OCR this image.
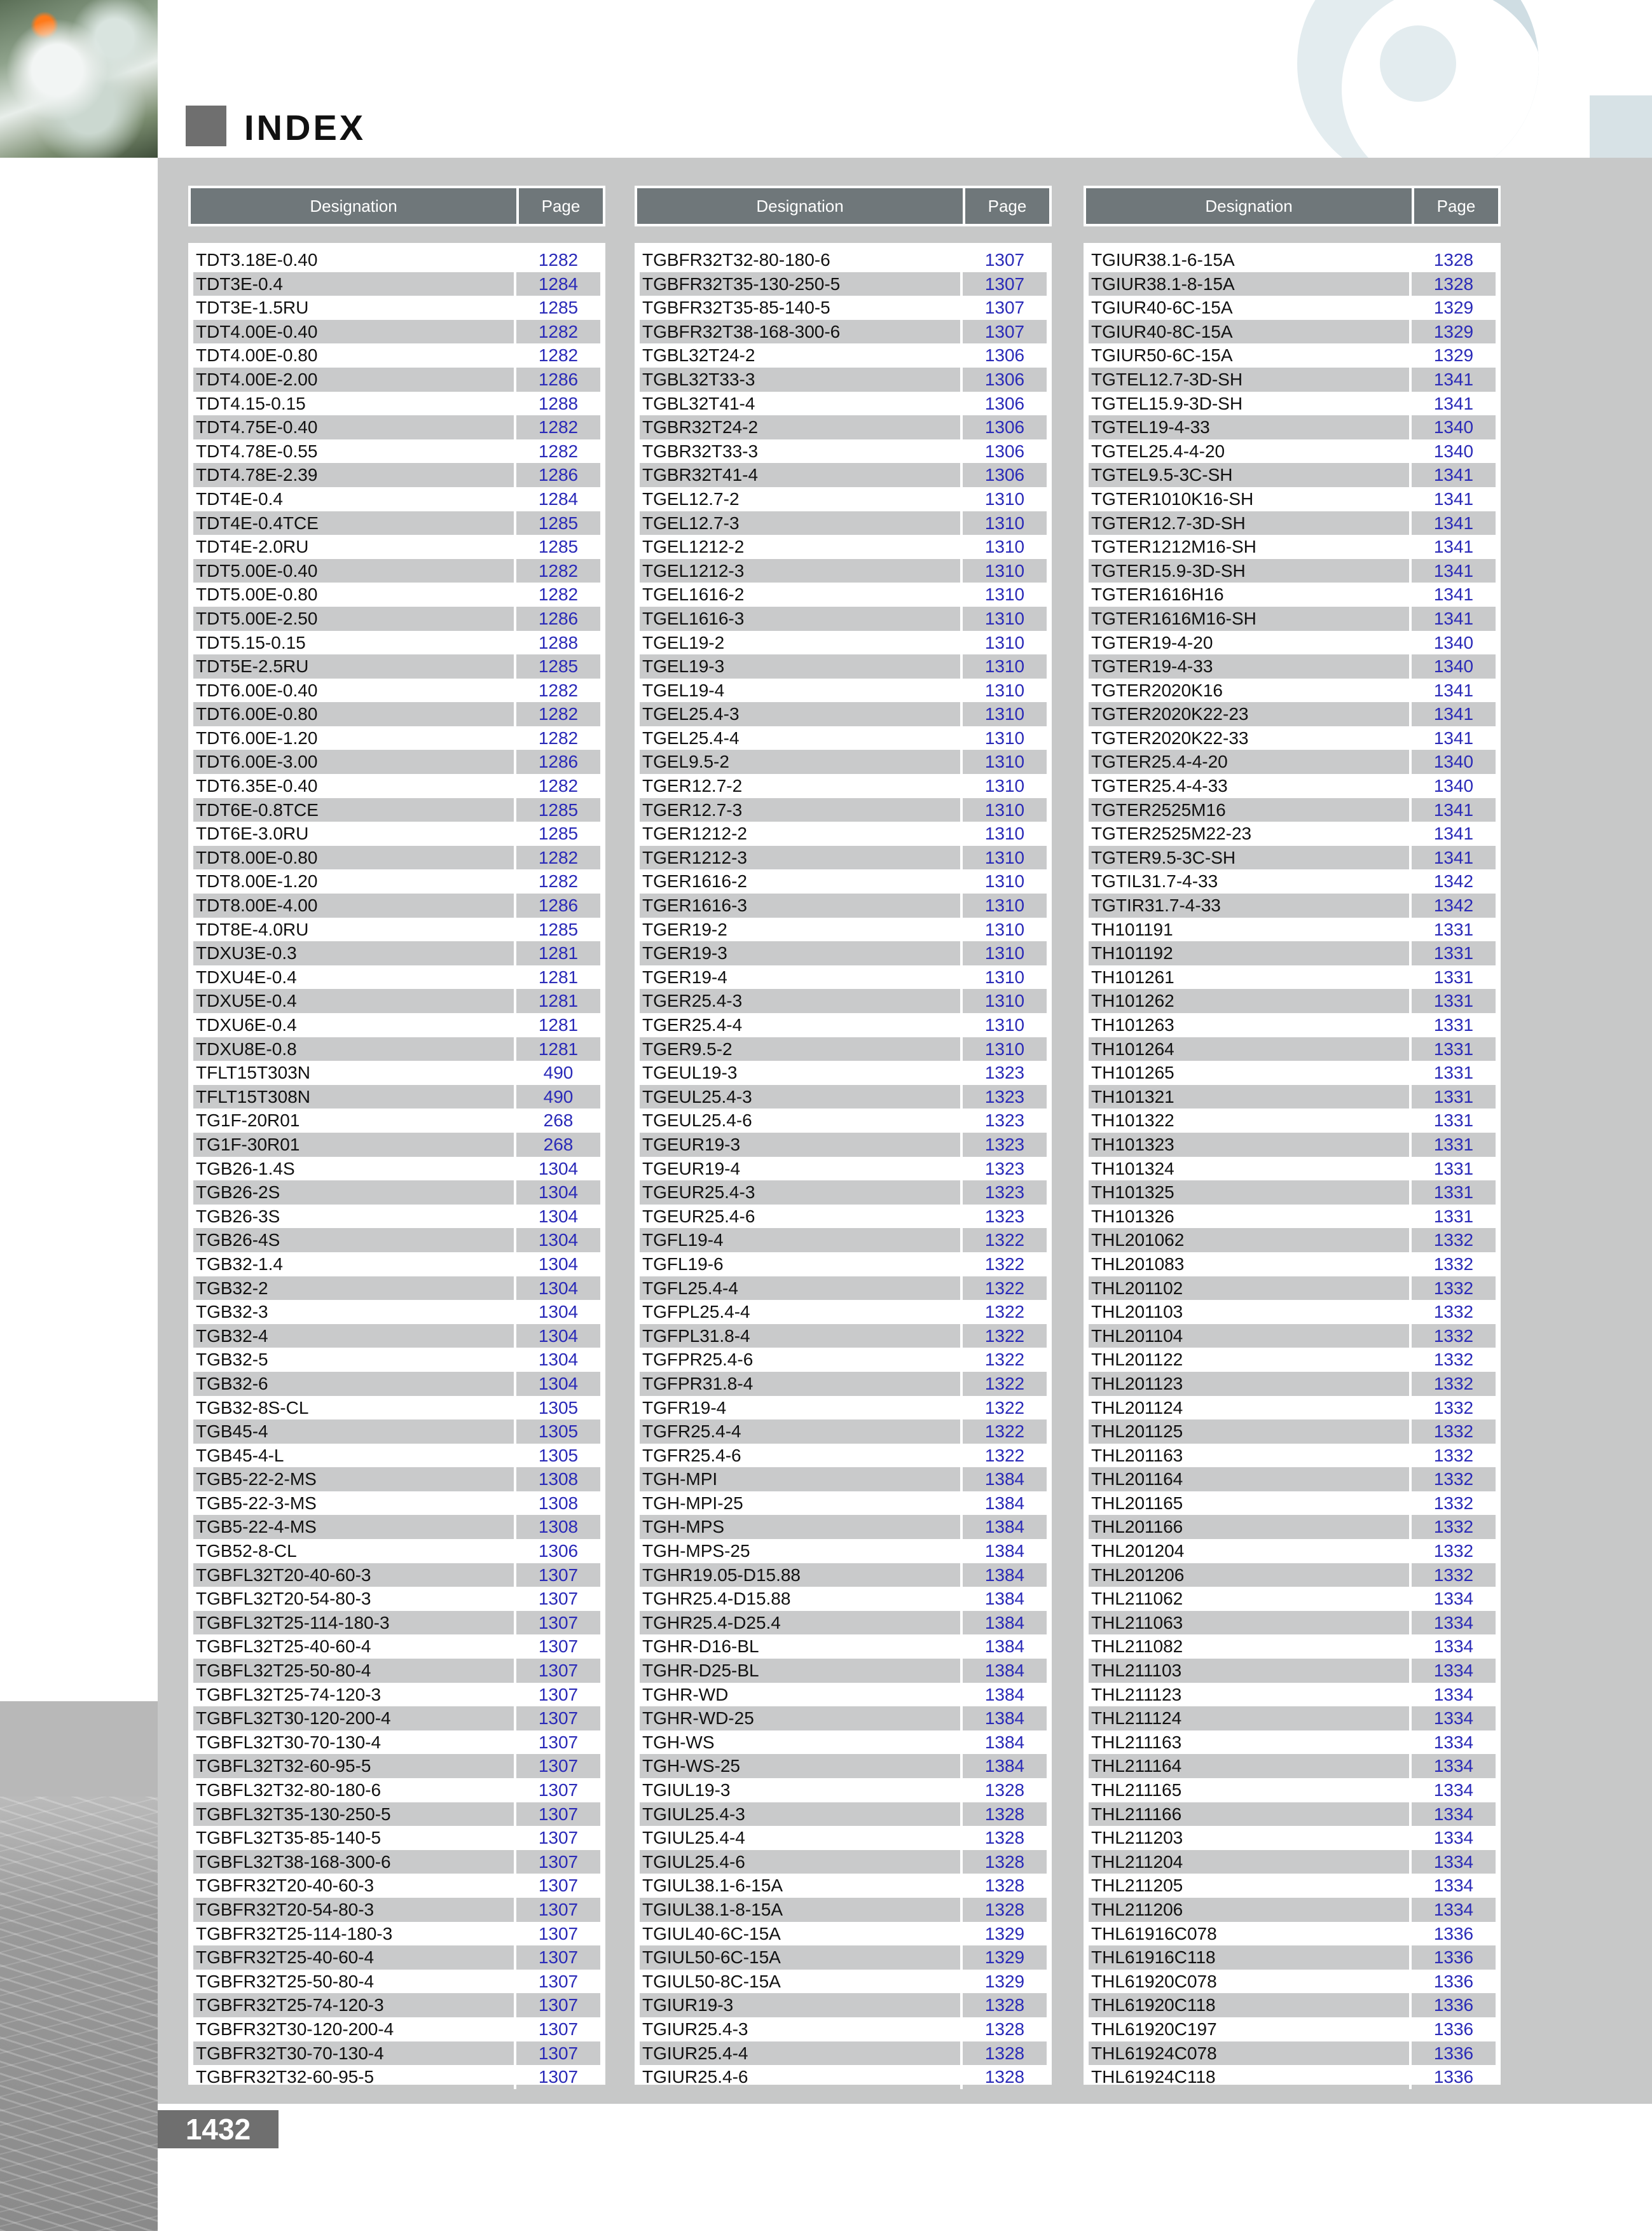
INDEX
Designation	Page
TDT3.18E-0.40	1282
TDT3E-0.4	1284
TDT3E-1.5RU	1285
TDT4.00E-0.40	1282
TDT4.00E-0.80	1282
TDT4.00E-2.00	1286
TDT4.15-0.15	1288
TDT4.75E-0.40	1282
TDT4.78E-0.55	1282
TDT4.78E-2.39	1286
TDT4E-0.4	1284
TDT4E-0.4TCE	1285
TDT4E-2.0RU	1285
TDT5.00E-0.40	1282
TDT5.00E-0.80	1282
TDT5.00E-2.50	1286
TDT5.15-0.15	1288
TDT5E-2.5RU	1285
TDT6.00E-0.40	1282
TDT6.00E-0.80	1282
TDT6.00E-1.20	1282
TDT6.00E-3.00	1286
TDT6.35E-0.40	1282
TDT6E-0.8TCE	1285
TDT6E-3.0RU	1285
TDT8.00E-0.80	1282
TDT8.00E-1.20	1282
TDT8.00E-4.00	1286
TDT8E-4.0RU	1285
TDXU3E-0.3	1281
TDXU4E-0.4	1281
TDXU5E-0.4	1281
TDXU6E-0.4	1281
TDXU8E-0.8	1281
TFLT15T303N	490
TFLT15T308N	490
TG1F-20R01	268
TG1F-30R01	268
TGB26-1.4S	1304
TGB26-2S	1304
TGB26-3S	1304
TGB26-4S	1304
TGB32-1.4	1304
TGB32-2	1304
TGB32-3	1304
TGB32-4	1304
TGB32-5	1304
TGB32-6	1304
TGB32-8S-CL	1305
TGB45-4	1305
TGB45-4-L	1305
TGB5-22-2-MS	1308
TGB5-22-3-MS	1308
TGB5-22-4-MS	1308
TGB52-8-CL	1306
TGBFL32T20-40-60-3	1307
TGBFL32T20-54-80-3	1307
TGBFL32T25-114-180-3	1307
TGBFL32T25-40-60-4	1307
TGBFL32T25-50-80-4	1307
TGBFL32T25-74-120-3	1307
TGBFL32T30-120-200-4	1307
TGBFL32T30-70-130-4	1307
TGBFL32T32-60-95-5	1307
TGBFL32T32-80-180-6	1307
TGBFL32T35-130-250-5	1307
TGBFL32T35-85-140-5	1307
TGBFL32T38-168-300-6	1307
TGBFR32T20-40-60-3	1307
TGBFR32T20-54-80-3	1307
TGBFR32T25-114-180-3	1307
TGBFR32T25-40-60-4	1307
TGBFR32T25-50-80-4	1307
TGBFR32T25-74-120-3	1307
TGBFR32T30-120-200-4	1307
TGBFR32T30-70-130-4	1307
TGBFR32T32-60-95-5	1307
Designation	Page
TGBFR32T32-80-180-6	1307
TGBFR32T35-130-250-5	1307
TGBFR32T35-85-140-5	1307
TGBFR32T38-168-300-6	1307
TGBL32T24-2	1306
TGBL32T33-3	1306
TGBL32T41-4	1306
TGBR32T24-2	1306
TGBR32T33-3	1306
TGBR32T41-4	1306
TGEL12.7-2	1310
TGEL12.7-3	1310
TGEL1212-2	1310
TGEL1212-3	1310
TGEL1616-2	1310
TGEL1616-3	1310
TGEL19-2	1310
TGEL19-3	1310
TGEL19-4	1310
TGEL25.4-3	1310
TGEL25.4-4	1310
TGEL9.5-2	1310
TGER12.7-2	1310
TGER12.7-3	1310
TGER1212-2	1310
TGER1212-3	1310
TGER1616-2	1310
TGER1616-3	1310
TGER19-2	1310
TGER19-3	1310
TGER19-4	1310
TGER25.4-3	1310
TGER25.4-4	1310
TGER9.5-2	1310
TGEUL19-3	1323
TGEUL25.4-3	1323
TGEUL25.4-6	1323
TGEUR19-3	1323
TGEUR19-4	1323
TGEUR25.4-3	1323
TGEUR25.4-6	1323
TGFL19-4	1322
TGFL19-6	1322
TGFL25.4-4	1322
TGFPL25.4-4	1322
TGFPL31.8-4	1322
TGFPR25.4-6	1322
TGFPR31.8-4	1322
TGFR19-4	1322
TGFR25.4-4	1322
TGFR25.4-6	1322
TGH-MPI	1384
TGH-MPI-25	1384
TGH-MPS	1384
TGH-MPS-25	1384
TGHR19.05-D15.88	1384
TGHR25.4-D15.88	1384
TGHR25.4-D25.4	1384
TGHR-D16-BL	1384
TGHR-D25-BL	1384
TGHR-WD	1384
TGHR-WD-25	1384
TGH-WS	1384
TGH-WS-25	1384
TGIUL19-3	1328
TGIUL25.4-3	1328
TGIUL25.4-4	1328
TGIUL25.4-6	1328
TGIUL38.1-6-15A	1328
TGIUL38.1-8-15A	1328
TGIUL40-6C-15A	1329
TGIUL50-6C-15A	1329
TGIUL50-8C-15A	1329
TGIUR19-3	1328
TGIUR25.4-3	1328
TGIUR25.4-4	1328
TGIUR25.4-6	1328
Designation	Page
TGIUR38.1-6-15A	1328
TGIUR38.1-8-15A	1328
TGIUR40-6C-15A	1329
TGIUR40-8C-15A	1329
TGIUR50-6C-15A	1329
TGTEL12.7-3D-SH	1341
TGTEL15.9-3D-SH	1341
TGTEL19-4-33	1340
TGTEL25.4-4-20	1340
TGTEL9.5-3C-SH	1341
TGTER1010K16-SH	1341
TGTER12.7-3D-SH	1341
TGTER1212M16-SH	1341
TGTER15.9-3D-SH	1341
TGTER1616H16	1341
TGTER1616M16-SH	1341
TGTER19-4-20	1340
TGTER19-4-33	1340
TGTER2020K16	1341
TGTER2020K22-23	1341
TGTER2020K22-33	1341
TGTER25.4-4-20	1340
TGTER25.4-4-33	1340
TGTER2525M16	1341
TGTER2525M22-23	1341
TGTER9.5-3C-SH	1341
TGTIL31.7-4-33	1342
TGTIR31.7-4-33	1342
TH101191	1331
TH101192	1331
TH101261	1331
TH101262	1331
TH101263	1331
TH101264	1331
TH101265	1331
TH101321	1331
TH101322	1331
TH101323	1331
TH101324	1331
TH101325	1331
TH101326	1331
THL201062	1332
THL201083	1332
THL201102	1332
THL201103	1332
THL201104	1332
THL201122	1332
THL201123	1332
THL201124	1332
THL201125	1332
THL201163	1332
THL201164	1332
THL201165	1332
THL201166	1332
THL201204	1332
THL201206	1332
THL211062	1334
THL211063	1334
THL211082	1334
THL211103	1334
THL211123	1334
THL211124	1334
THL211163	1334
THL211164	1334
THL211165	1334
THL211166	1334
THL211203	1334
THL211204	1334
THL211205	1334
THL211206	1334
THL61916C078	1336
THL61916C118	1336
THL61920C078	1336
THL61920C118	1336
THL61920C197	1336
THL61924C078	1336
THL61924C118	1336
1432
